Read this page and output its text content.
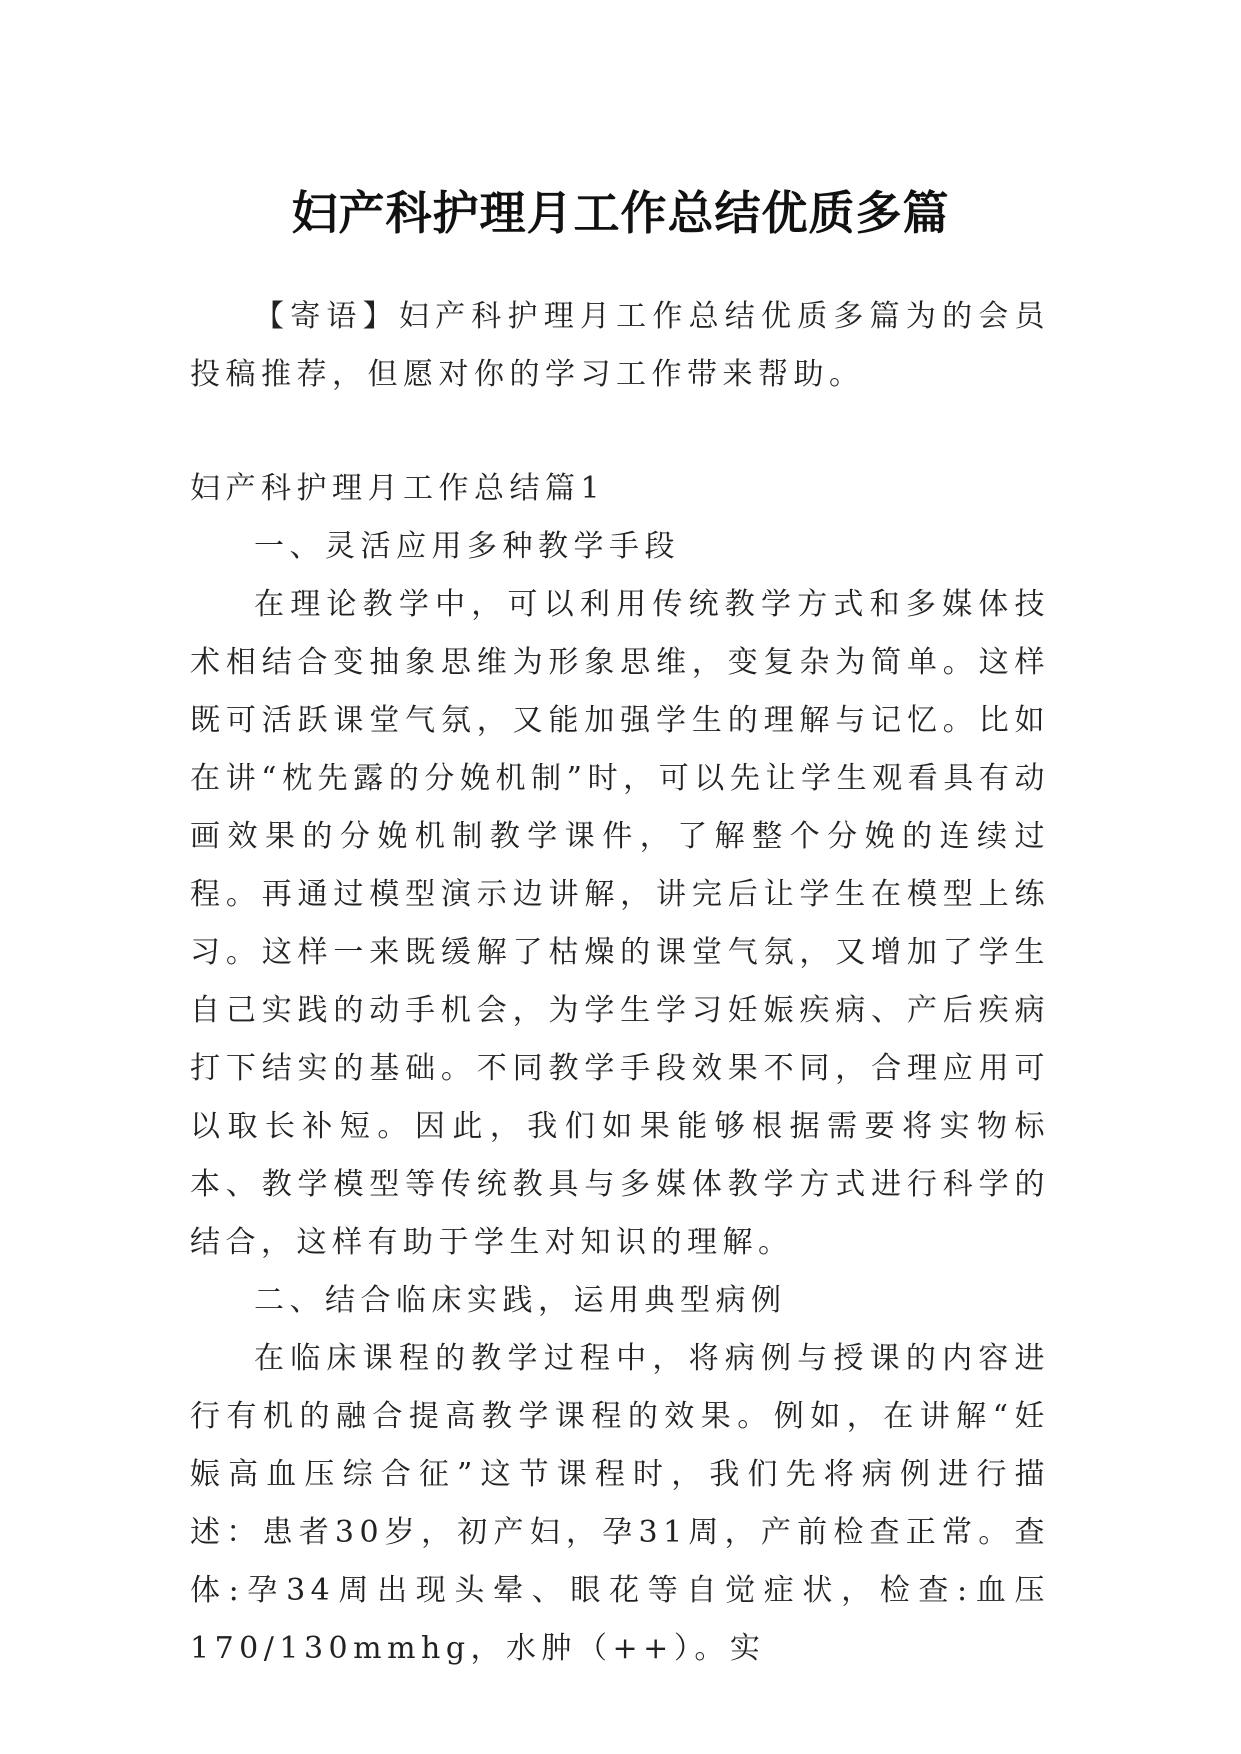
妇产科护理月工作总结优质多篇

【寄语】妇产科护理月工作总结优质多篇为的会员投稿推荐，但愿对你的学习工作带来帮助。

妇产科护理月工作总结篇1

一、灵活应用多种教学手段

在理论教学中，可以利用传统教学方式和多媒体技术相结合变抽象思维为形象思维，变复杂为简单。这样既可活跃课堂气氛，又能加强学生的理解与记忆。比如在讲“枕先露的分娩机制”时，可以先让学生观看具有动画效果的分娩机制教学课件，了解整个分娩的连续过程。再通过模型演示边讲解，讲完后让学生在模型上练习。这样一来既缓解了枯燥的课堂气氛，又增加了学生自己实践的动手机会，为学生学习妊娠疾病、产后疾病打下结实的基础。不同教学手段效果不同，合理应用可以取长补短。因此，我们如果能够根据需要将实物标本、教学模型等传统教具与多媒体教学方式进行科学的结合，这样有助于学生对知识的理解。

二、结合临床实践，运用典型病例

在临床课程的教学过程中，将病例与授课的内容进行有机的融合提高教学课程的效果。例如，在讲解“妊娠高血压综合征”这节课程时，我们先将病例进行描述：患者30岁，初产妇，孕31周，产前检查正常。查体:孕34周出现头晕、眼花等自觉症状，检查:血压170/130mmhg，水肿（++）。实
